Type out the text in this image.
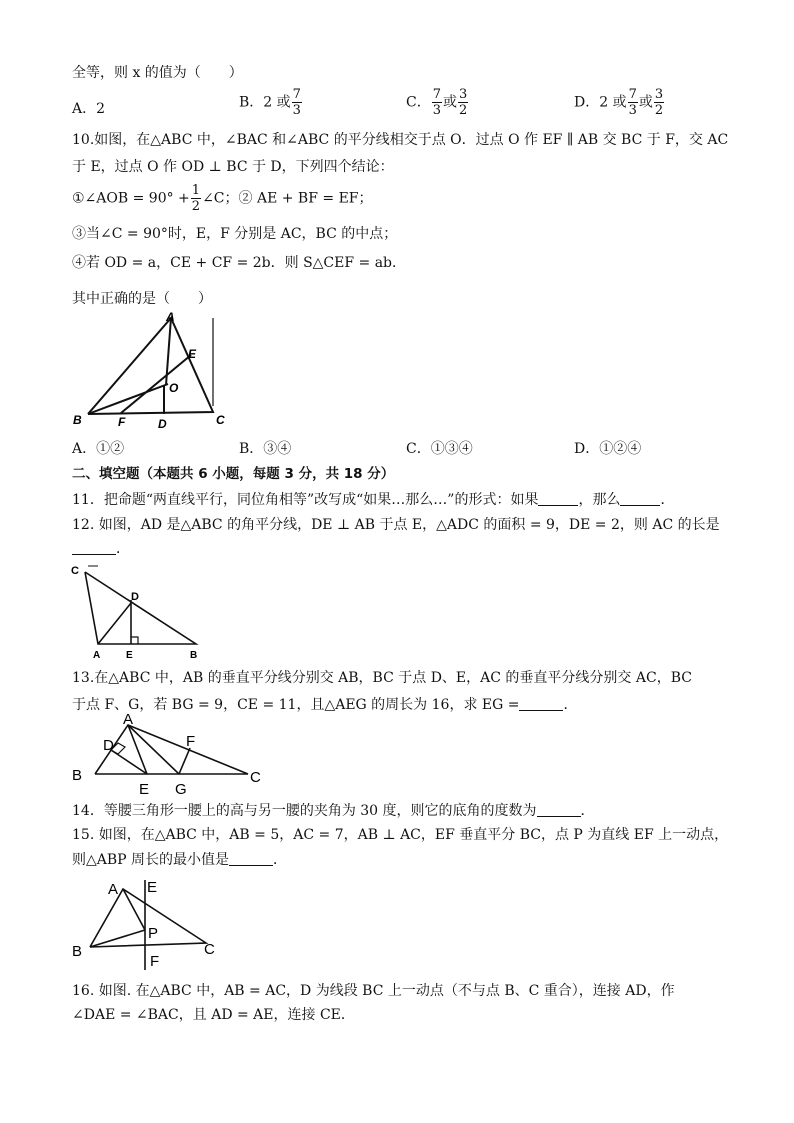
全等，则 x 的值为（　　）
A．2	B．2 或 $\frac{7}{3}$	C． $\frac{7}{3}$ 或 $\frac{3}{2}$	D．2 或 $\frac{7}{3}$ 或 $\frac{3}{2}$
10.如图，在△ABC 中，∠BAC 和∠ABC 的平分线相交于点 O．过点 O 作 EF ∥ AB 交 BC 于 F，交 AC
于 E，过点 O 作 OD ⊥ BC 于 D，下列四个结论：
①∠AOB = $90^\circ + \frac{1}{2}$ ∠C；② AE + BF = EF；
③当∠C = 90°时，E，F 分别是 AC，BC 的中点；
④若 OD = a，CE + CF = 2b．则 S△CEF = ab．
其中正确的是（　　）
A
E
O
B	F	D	C
A．①②	B．③④	C．①③④	D．①②④
二、填空题（本题共 6 小题，每题 3 分，共 18 分）
11．把命题“两直线平行，同位角相等”改写成“如果…那么…”的形式：如果	，那么	．
12. 如图，AD 是△ABC 的角平分线，DE ⊥ AB 于点 E，△ADC 的面积 = 9，DE = 2，则 AC 的长是
．
C
D
A	E	B
13.在△ABC 中，AB 的垂直平分线分别交 AB，BC 于点 D、E，AC 的垂直平分线分别交 AC，BC
于点 F、G，若 BG = 9，CE = 11，且△AEG 的周长为 16，求 EG =	．
A
D	F
B
E G
C
14．等腰三角形一腰上的高与另一腰的夹角为 30 度，则它的底角的度数为	．
15. 如图，在△ABC 中，AB = 5，AC = 7，AB ⊥ AC，EF 垂直平分 BC，点 P 为直线 EF 上一动点，
则△ABP 周长的最小值是	．
A E
P
B	C
F
16. 如图. 在△ABC 中，AB = AC，D 为线段 BC 上一动点（不与点 B、C 重合），连接 AD，作
∠DAE = ∠BAC，且 AD = AE，连接 CE．
